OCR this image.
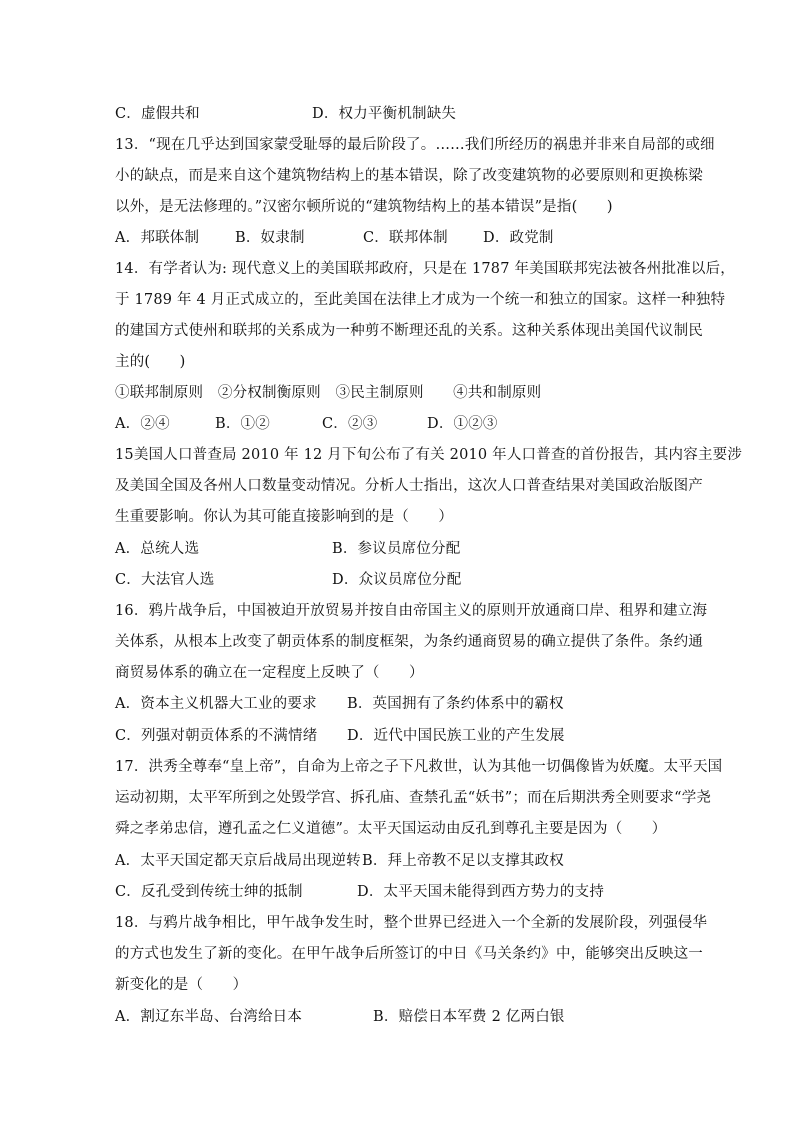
C．虚假共和	D．权力平衡机制缺失
13．“现在几乎达到国家蒙受耻辱的最后阶段了。……我们所经历的祸患并非来自局部的或细
小的缺点，而是来自这个建筑物结构上的基本错误，除了改变建筑物的必要原则和更换栋梁
以外，是无法修理的。”汉密尔顿所说的“建筑物结构上的基本错误”是指(　　)
A．邦联体制 B．奴隶制	C．联邦体制 D．政党制
14．有学者认为: 现代意义上的美国联邦政府，只是在 1787 年美国联邦宪法被各州批准以后，
于 1789 年 4 月正式成立的，至此美国在法律上才成为一个统一和独立的国家。这样一种独特
的建国方式使州和联邦的关系成为一种剪不断理还乱的关系。这种关系体现出美国代议制民
主的(　　)
①联邦制原则　②分权制衡原则　③民主制原则　　④共和制原则
A．②④	B．①②	C．②③	D．①②③
15美国人口普查局 2010 年 12 月下旬公布了有关 2010 年人口普查的首份报告，其内容主要涉
及美国全国及各州人口数量变动情况。分析人士指出，这次人口普查结果对美国政治版图产
生重要影响。你认为其可能直接影响到的是（　　）
A．总统人选	B．参议员席位分配
C．大法官人选	D．众议员席位分配
16．鸦片战争后，中国被迫开放贸易并按自由帝国主义的原则开放通商口岸、租界和建立海
关体系，从根本上改变了朝贡体系的制度框架，为条约通商贸易的确立提供了条件。条约通
商贸易体系的确立在一定程度上反映了（　　）
A．资本主义机器大工业的要求 B．英国拥有了条约体系中的霸权
C．列强对朝贡体系的不满情绪 D．近代中国民族工业的产生发展
17．洪秀全尊奉“皇上帝”，自命为上帝之子下凡救世，认为其他一切偶像皆为妖魔。太平天国
运动初期，太平军所到之处毁学宫、拆孔庙、查禁孔孟“妖书”；而在后期洪秀全则要求“学尧
舜之孝弟忠信，遵孔孟之仁义道德”。太平天国运动由反孔到尊孔主要是因为（　　）
A．太平天国定都天京后战局出现逆转 B．拜上帝教不足以支撑其政权
C．反孔受到传统士绅的抵制	D．太平天国未能得到西方势力的支持
18．与鸦片战争相比，甲午战争发生时，整个世界已经进入一个全新的发展阶段，列强侵华
的方式也发生了新的变化。在甲午战争后所签订的中日《马关条约》中，能够突出反映这一
新变化的是（　　）
A．割辽东半岛、台湾给日本	B．赔偿日本军费 2 亿两白银
